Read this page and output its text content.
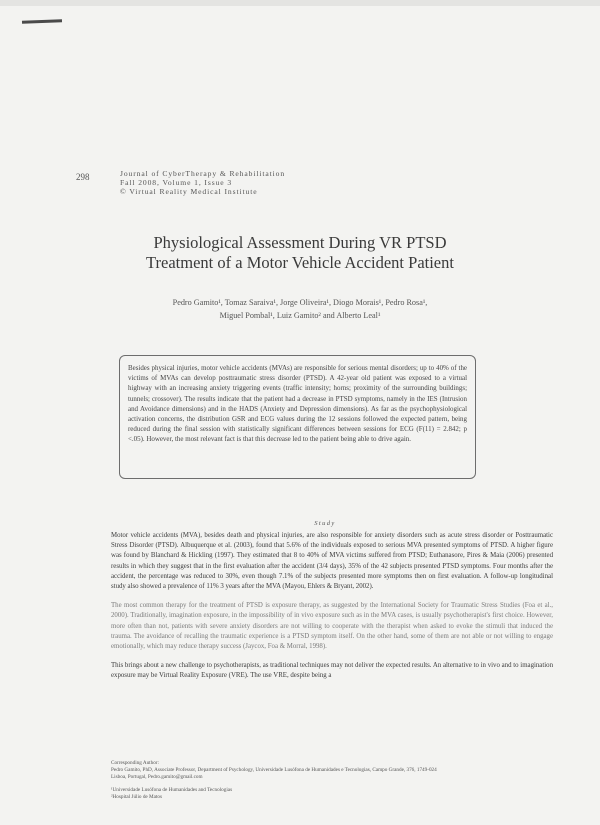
298	Journal of CyberTherapy & Rehabilitation
Fall 2008, Volume 1, Issue 3
© Virtual Reality Medical Institute
Physiological Assessment During VR PTSD
Treatment of a Motor Vehicle Accident Patient
Pedro Gamito¹, Tomaz Saraiva¹, Jorge Oliveira¹, Diogo Morais¹, Pedro Rosa¹,
Miguel Pombal¹, Luiz Gamito² and Alberto Leal¹

Besides physical injuries, motor vehicle accidents (MVAs) are responsible for serious mental disorders; up to 40% of the victims of MVAs can develop posttraumatic stress disorder (PTSD). A 42-year old patient was exposed to a virtual highway with an increasing anxiety triggering events (traffic intensity; horns; proximity of the surrounding buildings; tunnels; crossover). The results indicate that the patient had a decrease in PTSD symptoms, namely in the IES (Intrusion and Avoidance dimensions) and in the HADS (Anxiety and Depression dimensions). As far as the psychophysiological activation concerns, the distribution GSR and ECG values during the 12 sessions followed the expected pattern, being reduced during the final session with statistically significant differences between sessions for ECG (F(11) = 2.842; p <.05). However, the most relevant fact is that this decrease led to the patient being able to drive again.

Study

Motor vehicle accidents (MVA), besides death and physical injuries, are also responsible for anxiety disorders such as acute stress disorder or Posttraumatic Stress Disorder (PTSD). Albuquerque et al. (2003), found that 5.6% of the individuals exposed to serious MVA presented symptoms of PTSD. A higher figure was found by Blanchard & Hickling (1997). They estimated that 8 to 40% of MVA victims suffered from PTSD; Euthanasore, Pires & Maia (2006) presented results in which they suggest that in the first evaluation after the accident (3/4 days), 35% of the 42 subjects presented PTSD symptoms. Four months after the accident, the percentage was reduced to 30%, even though 7.1% of the subjects presented more symptoms then on first evaluation. A follow-up longitudinal study also showed a prevalence of 11% 3 years after the MVA (Mayou, Ehlers & Bryant, 2002).

The most common therapy for the treatment of PTSD is exposure therapy, as suggested by the International Society for Traumatic Stress Studies (Foa et al., 2000). Traditionally, imagination exposure, in the impossibility of in vivo exposure such as in the MVA cases, is usually psychotherapist's first choice. However, more often than not, patients with severe anxiety disorders are not willing to cooperate with the therapist when asked to evoke the stimuli that induced the trauma. The avoidance of recalling the traumatic experience is a PTSD symptom itself. On the other hand, some of them are not able or not willing to engage emotionally, which may reduce therapy success (Jaycox, Foa & Morral, 1998).

This brings about a new challenge to psychotherapists, as traditional techniques may not deliver the expected results. An alternative to in vivo and to imagination exposure may be Virtual Reality Exposure (VRE). The use VRE, despite being a

Corresponding Author:
Pedro Gamito, PhD, Associate Professor, Department of Psychology, Universidade Lusófona de Humanidades e Tecnologias, Campo Grande, 376, 1749-024
Lisboa, Portugal, Pedro.gamito@gmail.com
¹Universidade Lusófona de Humanidades and Tecnologias
²Hospital Júlio de Matos
